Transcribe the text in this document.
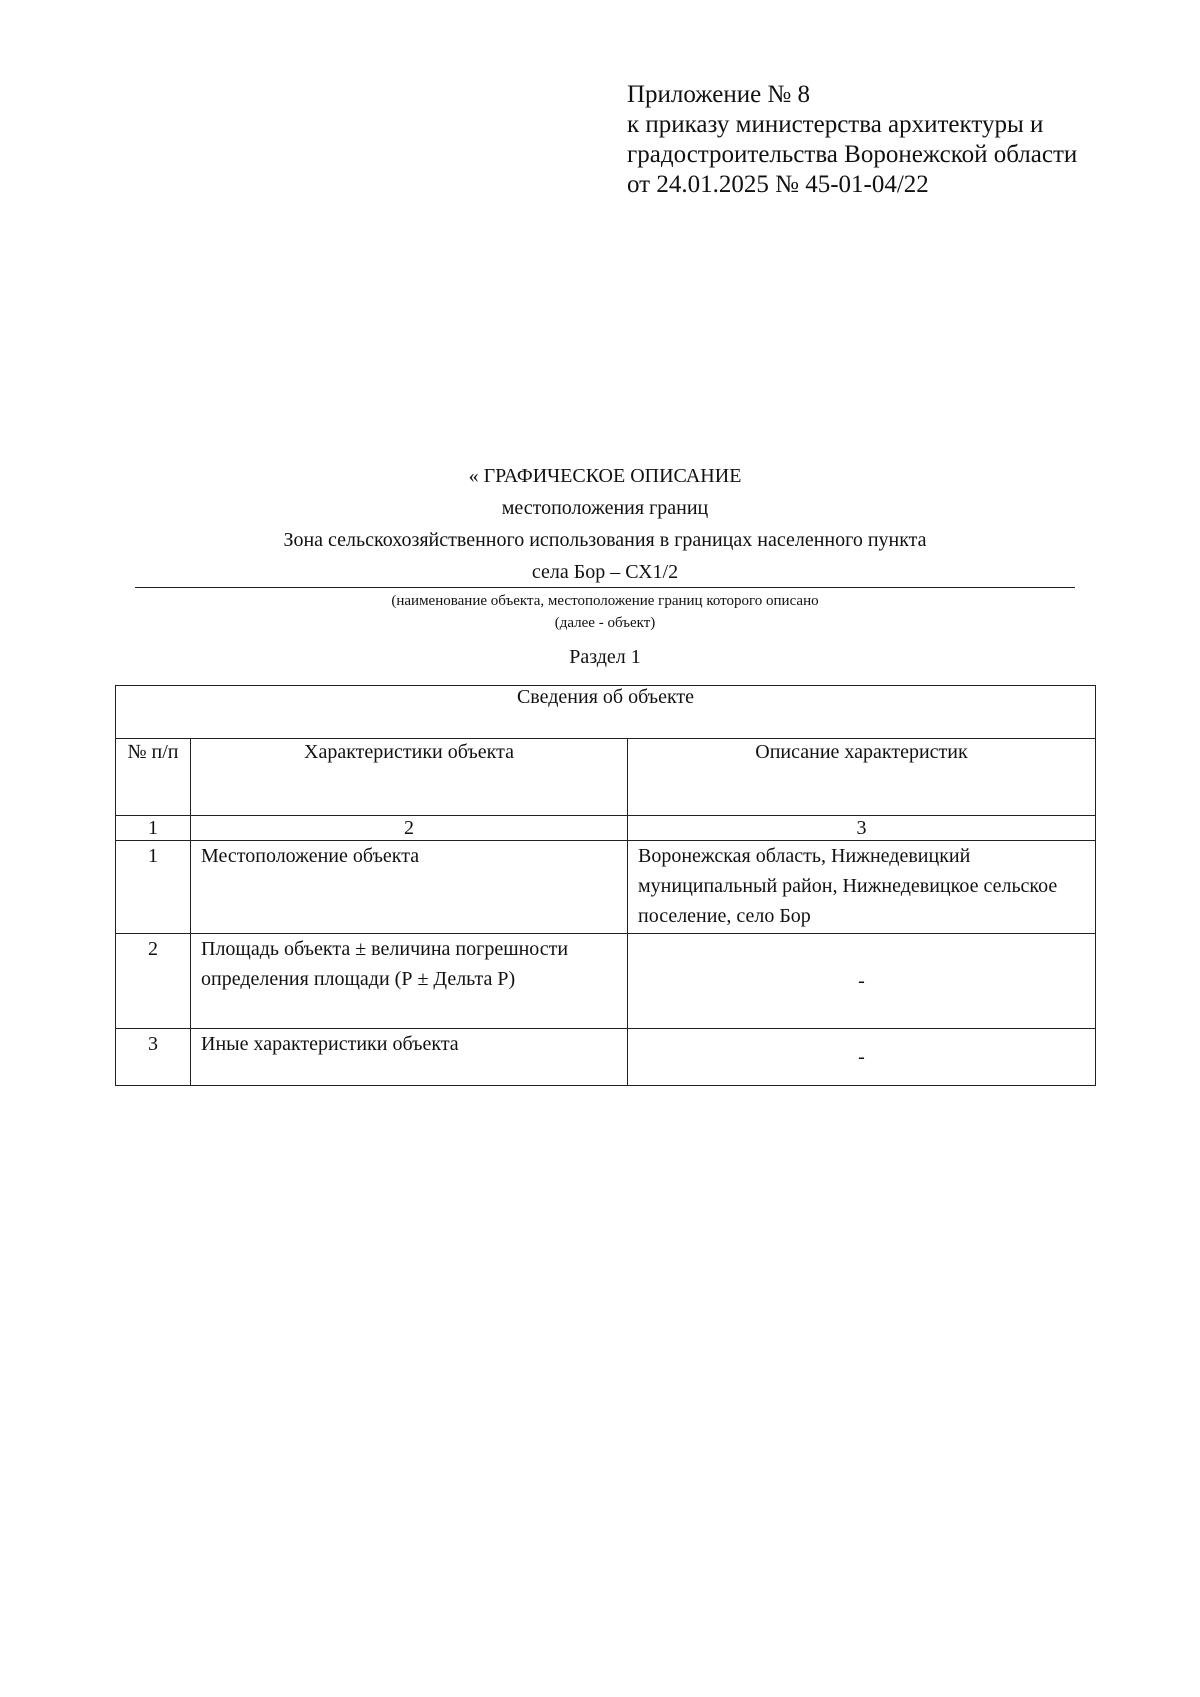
Приложение № 8
к приказу министерства архитектуры и
градостроительства Воронежской области
от 24.01.2025 № 45-01-04/22
« ГРАФИЧЕСКОЕ ОПИСАНИЕ
местоположения границ
Зона сельскохозяйственного использования в границах населенного пункта
села Бор – СХ1/2
(наименование объекта, местоположение границ которого описано
(далее - объект)
Раздел 1
Сведения об объекте		
№ п/п	Характеристики объекта	Описание характеристик
1	2	3
1	Местоположение объекта	Воронежская область, Нижнедевицкий муниципальный район, Нижнедевицкое сельское поселение, село Бор
2	Площадь объекта ± величина погрешности определения площади (Р ± Дельта Р)	-
3	Иные характеристики объекта	-
